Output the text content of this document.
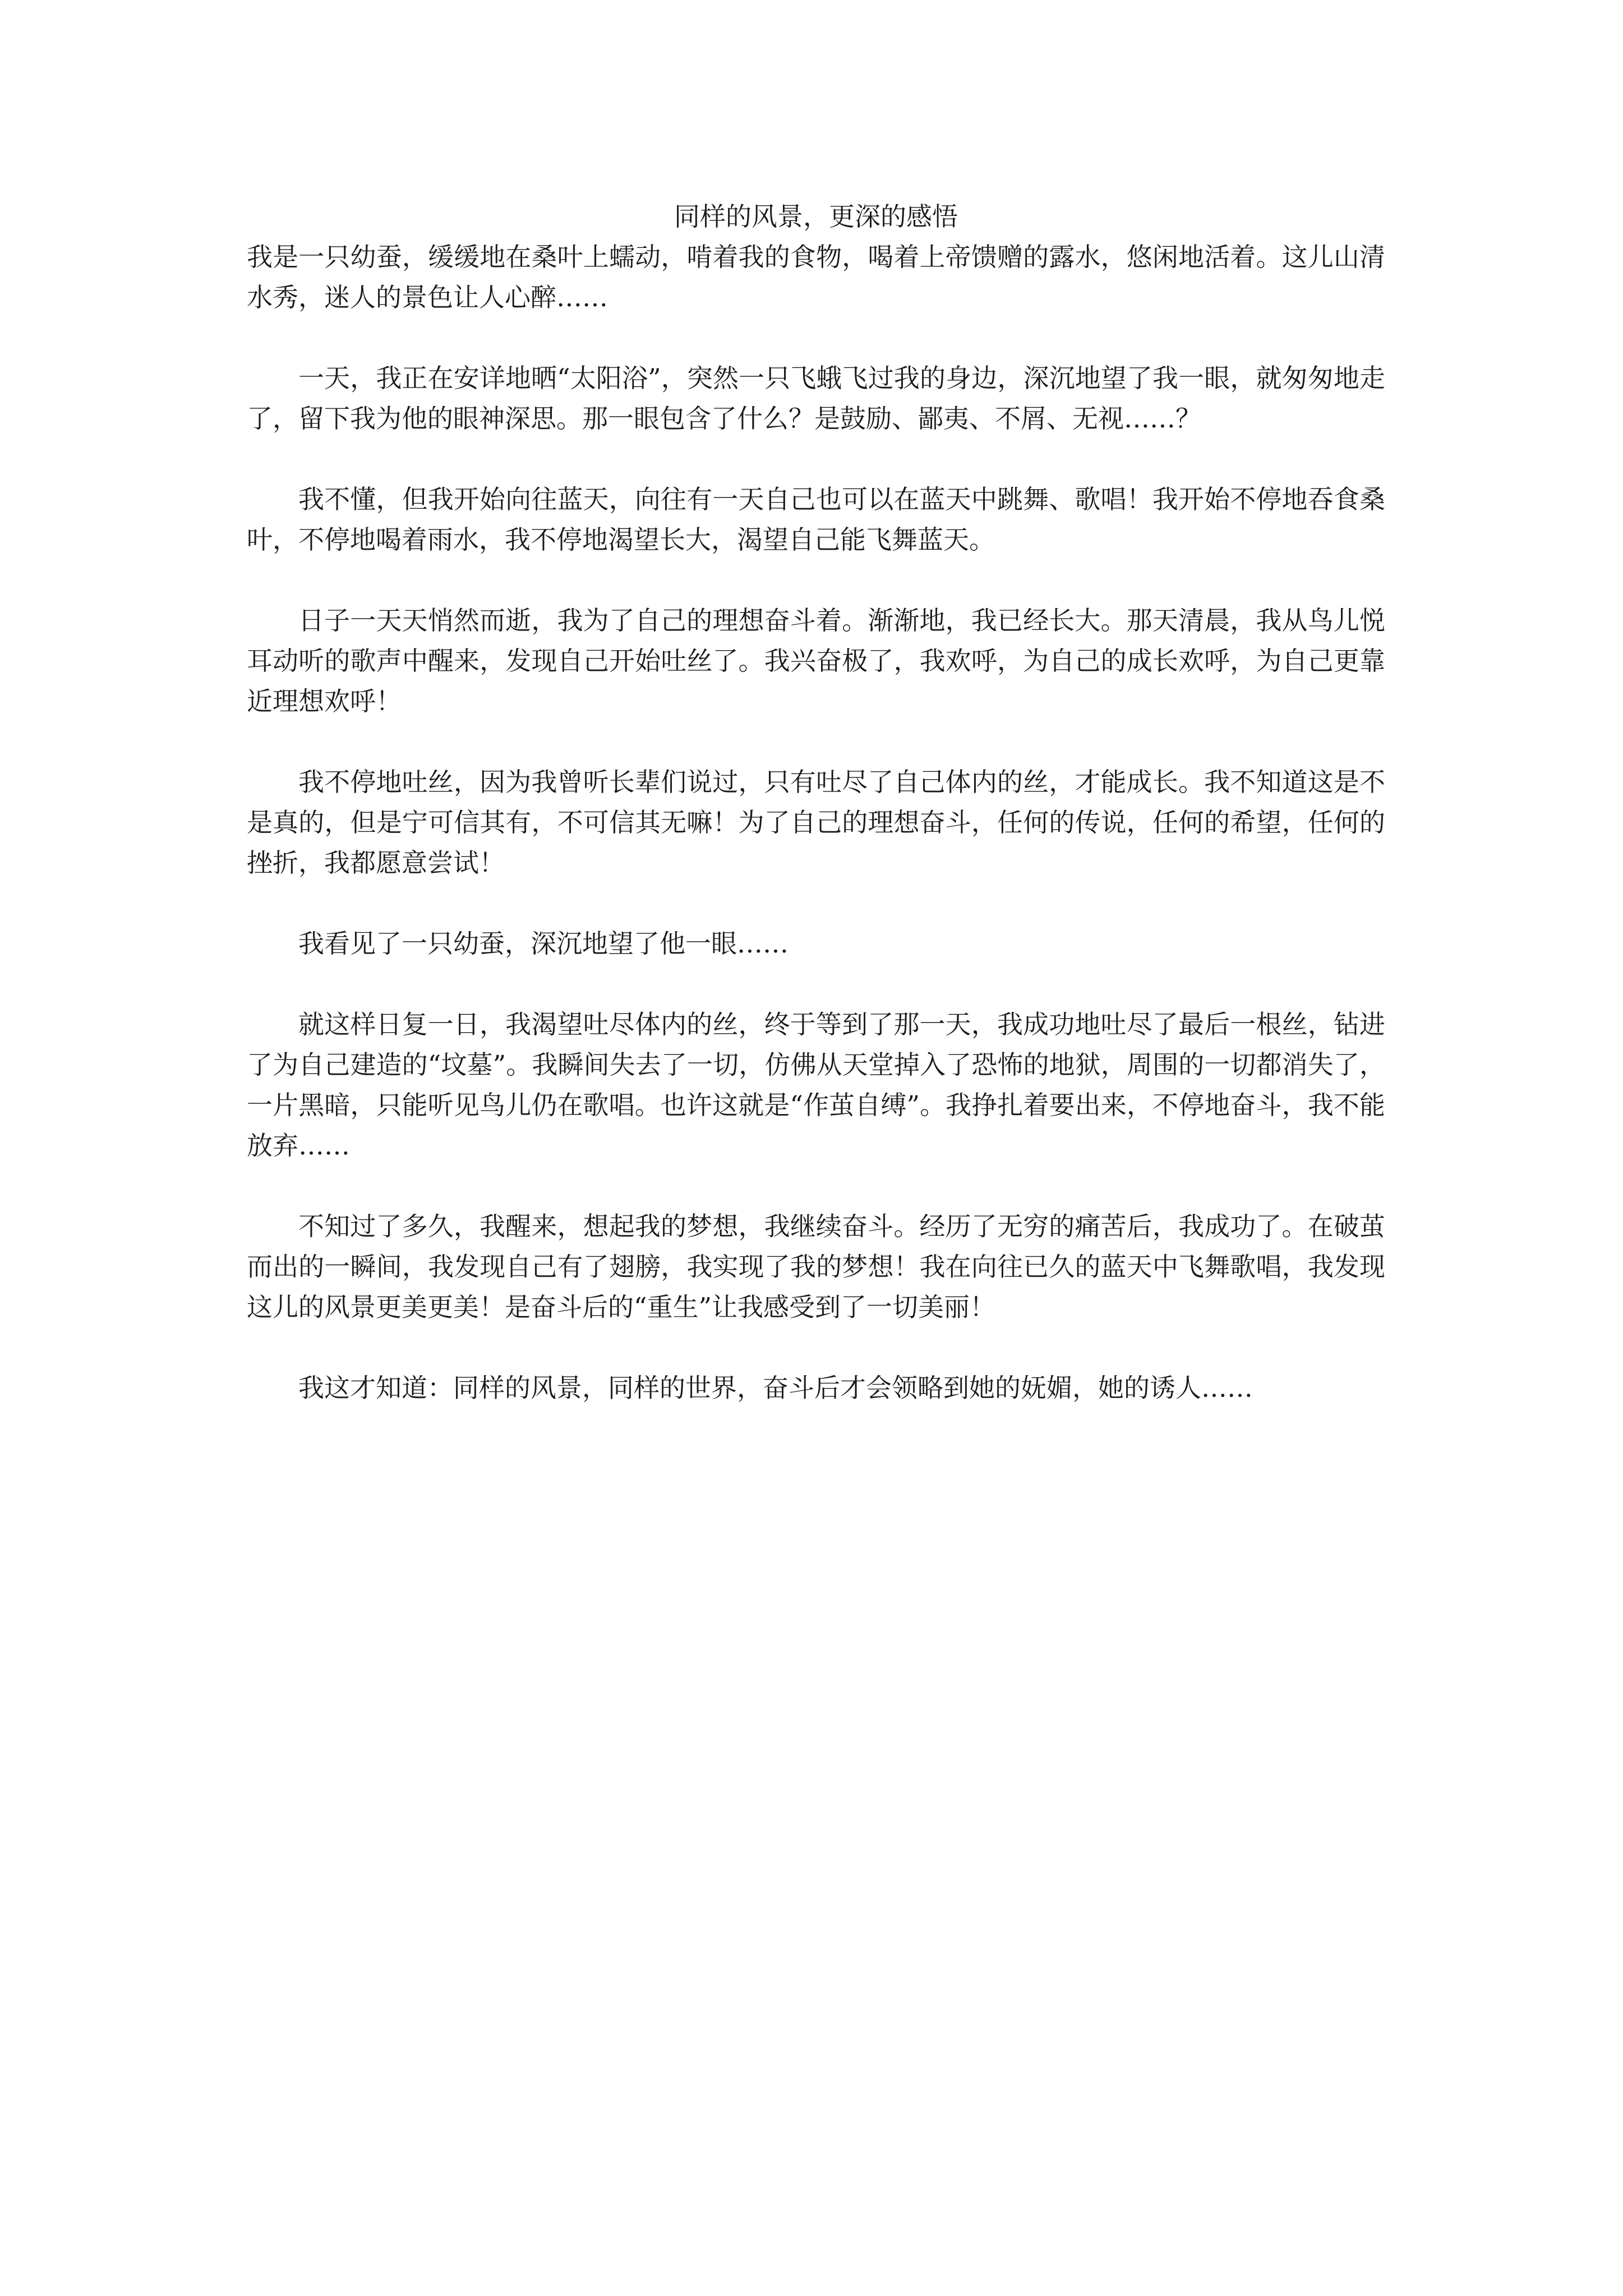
同样的风景，更深的感悟

我是一只幼蚕，缓缓地在桑叶上蠕动，啃着我的食物，喝着上帝馈赠的露水，悠闲地活着。这儿山清水秀，迷人的景色让人心醉……

一天，我正在安详地晒“太阳浴”，突然一只飞蛾飞过我的身边，深沉地望了我一眼，就匆匆地走了，留下我为他的眼神深思。那一眼包含了什么？是鼓励、鄙夷、不屑、无视……？

我不懂，但我开始向往蓝天，向往有一天自己也可以在蓝天中跳舞、歌唱！我开始不停地吞食桑叶，不停地喝着雨水，我不停地渴望长大，渴望自己能飞舞蓝天。

日子一天天悄然而逝，我为了自己的理想奋斗着。渐渐地，我已经长大。那天清晨，我从鸟儿悦耳动听的歌声中醒来，发现自己开始吐丝了。我兴奋极了，我欢呼，为自己的成长欢呼，为自己更靠近理想欢呼！

我不停地吐丝，因为我曾听长辈们说过，只有吐尽了自己体内的丝，才能成长。我不知道这是不是真的，但是宁可信其有，不可信其无嘛！为了自己的理想奋斗，任何的传说，任何的希望，任何的挫折，我都愿意尝试！

我看见了一只幼蚕，深沉地望了他一眼……

就这样日复一日，我渴望吐尽体内的丝，终于等到了那一天，我成功地吐尽了最后一根丝，钻进了为自己建造的“坟墓”。我瞬间失去了一切，仿佛从天堂掉入了恐怖的地狱，周围的一切都消失了，一片黑暗，只能听见鸟儿仍在歌唱。也许这就是“作茧自缚”。我挣扎着要出来，不停地奋斗，我不能放弃……

不知过了多久，我醒来，想起我的梦想，我继续奋斗。经历了无穷的痛苦后，我成功了。在破茧而出的一瞬间，我发现自己有了翅膀，我实现了我的梦想！我在向往已久的蓝天中飞舞歌唱，我发现这儿的风景更美更美！是奋斗后的“重生”让我感受到了一切美丽！

我这才知道：同样的风景，同样的世界，奋斗后才会领略到她的妩媚，她的诱人……
